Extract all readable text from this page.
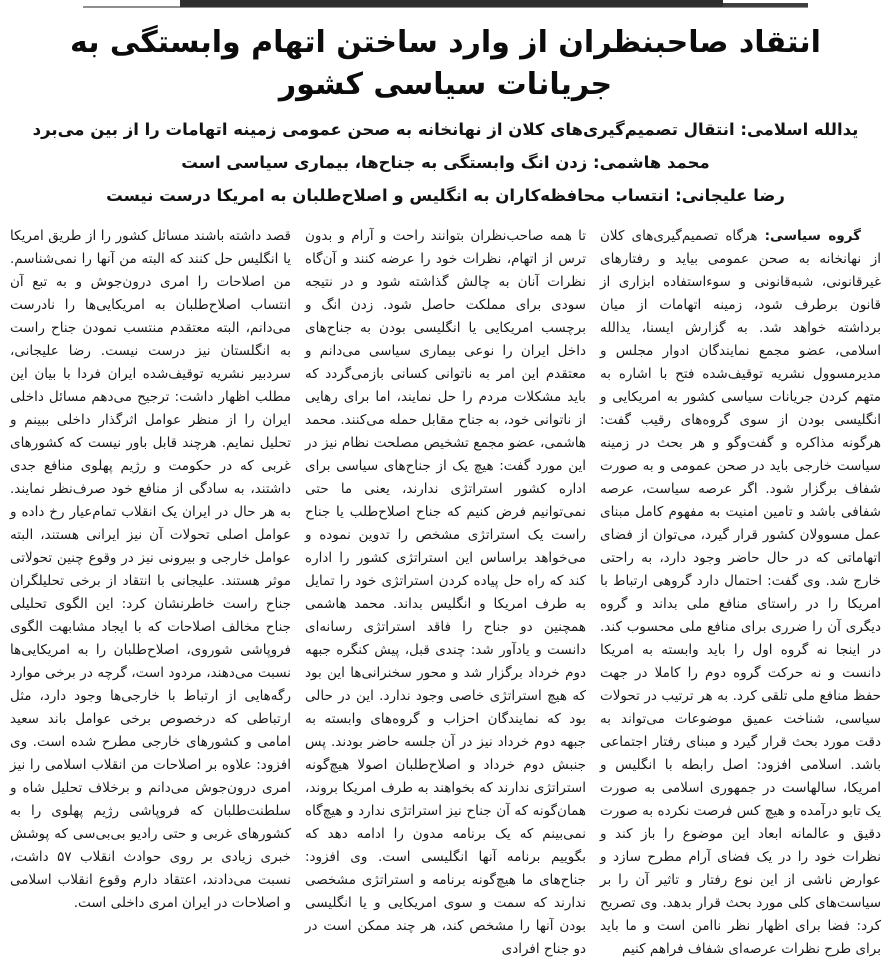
انتقاد صاحبنظران از وارد ساختن اتهام وابستگی به جریانات سیاسی کشور

یدالله اسلامی: انتقال تصمیم‌گیری‌های کلان از نهانخانه به صحن عمومی زمینه اتهامات را از بین می‌برد

محمد هاشمی: زدن انگ وابستگی به جناح‌ها، بیماری سیاسی است

رضا علیجانی: انتساب محافظه‌کاران به انگلیس و اصلاح‌طلبان به امریکا درست نیست

گروه سیاسی: هرگاه تصمیم‌گیری‌های کلان از نهانخانه به صحن عمومی بیاید و رفتارهای غیرقانونی، شبه‌قانونی و سوءاستفاده ابزاری از قانون برطرف شود، زمینه اتهامات از میان برداشته خواهد شد. به گزارش ایسنا، یدالله اسلامی، عضو مجمع نمایندگان ادوار مجلس و مدیرمسوول نشریه توقیف‌شده فتح با اشاره به متهم کردن جریانات سیاسی کشور به امریکایی و انگلیسی بودن از سوی گروه‌های رقیب گفت: هرگونه مذاکره و گفت‌وگو و هر بحث در زمینه سیاست خارجی باید در صحن عمومی و به صورت شفاف برگزار شود. اگر عرصه سیاست، عرصه شفافی باشد و تامین امنیت به مفهوم کامل مبنای عمل مسوولان کشور قرار گیرد، می‌توان از فضای اتهاماتی که در حال حاضر وجود دارد، به راحتی خارج شد. وی گفت: احتمال دارد گروهی ارتباط با امریکا را در راستای منافع ملی بداند و گروه دیگری آن را ضرری برای منافع ملی محسوب کند. در اینجا نه گروه اول را باید وابسته به امریکا دانست و نه حرکت گروه دوم را کاملا در جهت حفظ منافع ملی تلقی کرد. به هر ترتیب در تحولات سیاسی، شناخت عمیق موضوعات می‌تواند به دقت مورد بحث قرار گیرد و مبنای رفتار اجتماعی باشد. اسلامی افزود: اصل رابطه با انگلیس و امریکا، سالهاست در جمهوری اسلامی به صورت یک تابو درآمده و هیچ کس فرصت نکرده به صورت دقیق و عالمانه ابعاد این موضوع را باز کند و نظرات خود را در یک فضای آرام مطرح سازد و عوارض ناشی از این نوع رفتار و تاثیر آن را بر سیاست‌های کلی مورد بحث قرار بدهد. وی تصریح کرد: فضا برای اظهار نظر ناامن است و ما باید برای طرح نظرات عرصه‌ای شفاف فراهم کنیم

تا همه صاحب‌نظران بتوانند راحت و آرام و بدون ترس از اتهام، نظرات خود را عرضه کنند و آن‌گاه نظرات آنان به چالش گذاشته شود و در نتیجه سودی برای مملکت حاصل شود. زدن انگ و برچسب امریکایی یا انگلیسی بودن به جناح‌های داخل ایران را نوعی بیماری سیاسی می‌دانم و معتقدم این امر به ناتوانی کسانی بازمی‌گردد که باید مشکلات مردم را حل نمایند، اما برای رهایی از ناتوانی خود، به جناح مقابل حمله می‌کنند. محمد هاشمی، عضو مجمع تشخیص مصلحت نظام نیز در این مورد گفت: هیچ یک از جناح‌های سیاسی برای اداره کشور استراتژی ندارند، یعنی ما حتی نمی‌توانیم فرض کنیم که جناح اصلاح‌طلب یا جناح راست یک استراتژی مشخص را تدوین نموده و می‌خواهد براساس این استراتژی کشور را اداره کند که راه حل پیاده کردن استراتژی خود را تمایل به طرف امریکا و انگلیس بداند. محمد هاشمی همچنین دو جناح را فاقد استراتژی رسانه‌ای دانست و یادآور شد: چندی قبل، پیش کنگره جبهه دوم خرداد برگزار شد و محور سخنرانی‌ها این بود که هیچ استراتژی خاصی وجود ندارد. این در حالی بود که نمایندگان احزاب و گروه‌های وابسته به جبهه دوم خرداد نیز در آن جلسه حاضر بودند. پس جنبش دوم خرداد و اصلاح‌طلبان اصولا هیچ‌گونه استراتژی ندارند که بخواهند به طرف امریکا بروند، همان‌گونه که آن جناح نیز استراتژی ندارد و هیچ‌گاه نمی‌بینم که یک برنامه مدون را ادامه دهد که بگوییم برنامه آنها انگلیسی است. وی افزود: جناح‌های ما هیچ‌گونه برنامه و استراتژی مشخصی ندارند که سمت و سوی امریکایی و یا انگلیسی بودن آنها را مشخص کند، هر چند ممکن است در دو جناح افرادی

قصد داشته باشند مسائل کشور را از طریق امریکا یا انگلیس حل کنند که البته من آنها را نمی‌شناسم. من اصلاحات را امری درون‌جوش و به تبع آن انتساب اصلاح‌طلبان به امریکایی‌ها را نادرست می‌دانم، البته معتقدم منتسب نمودن جناح راست به انگلستان نیز درست نیست. رضا علیجانی، سردبیر نشریه توقیف‌شده ایران فردا با بیان این مطلب اظهار داشت: ترجیح می‌دهم مسائل داخلی ایران را از منظر عوامل اثرگذار داخلی ببینم و تحلیل نمایم. هرچند قابل باور نیست که کشورهای غربی که در حکومت و رژیم پهلوی منافع جدی داشتند، به سادگی از منافع خود صرف‌نظر نمایند. به هر حال در ایران یک انقلاب تمام‌عیار رخ داده و عوامل اصلی تحولات آن نیز ایرانی هستند، البته عوامل خارجی و بیرونی نیز در وقوع چنین تحولاتی موثر هستند. علیجانی با انتقاد از برخی تحلیلگران جناح راست خاطرنشان کرد: این الگوی تحلیلی جناح مخالف اصلاحات که با ایجاد مشابهت الگوی فروپاشی شوروی، اصلاح‌طلبان را به امریکایی‌ها نسبت می‌دهند، مردود است، گرچه در برخی موارد رگه‌هایی از ارتباط با خارجی‌ها وجود دارد، مثل ارتباطی که درخصوص برخی عوامل باند سعید امامی و کشورهای خارجی مطرح شده است. وی افزود: علاوه بر اصلاحات من انقلاب اسلامی را نیز امری درون‌جوش می‌دانم و برخلاف تحلیل شاه و سلطنت‌طلبان که فروپاشی رژیم پهلوی را به کشورهای غربی و حتی رادیو بی‌بی‌سی که پوشش خبری زیادی بر روی حوادث انقلاب ۵۷ داشت، نسبت می‌دادند، اعتقاد دارم وقوع انقلاب اسلامی و اصلاحات در ایران امری داخلی است.
